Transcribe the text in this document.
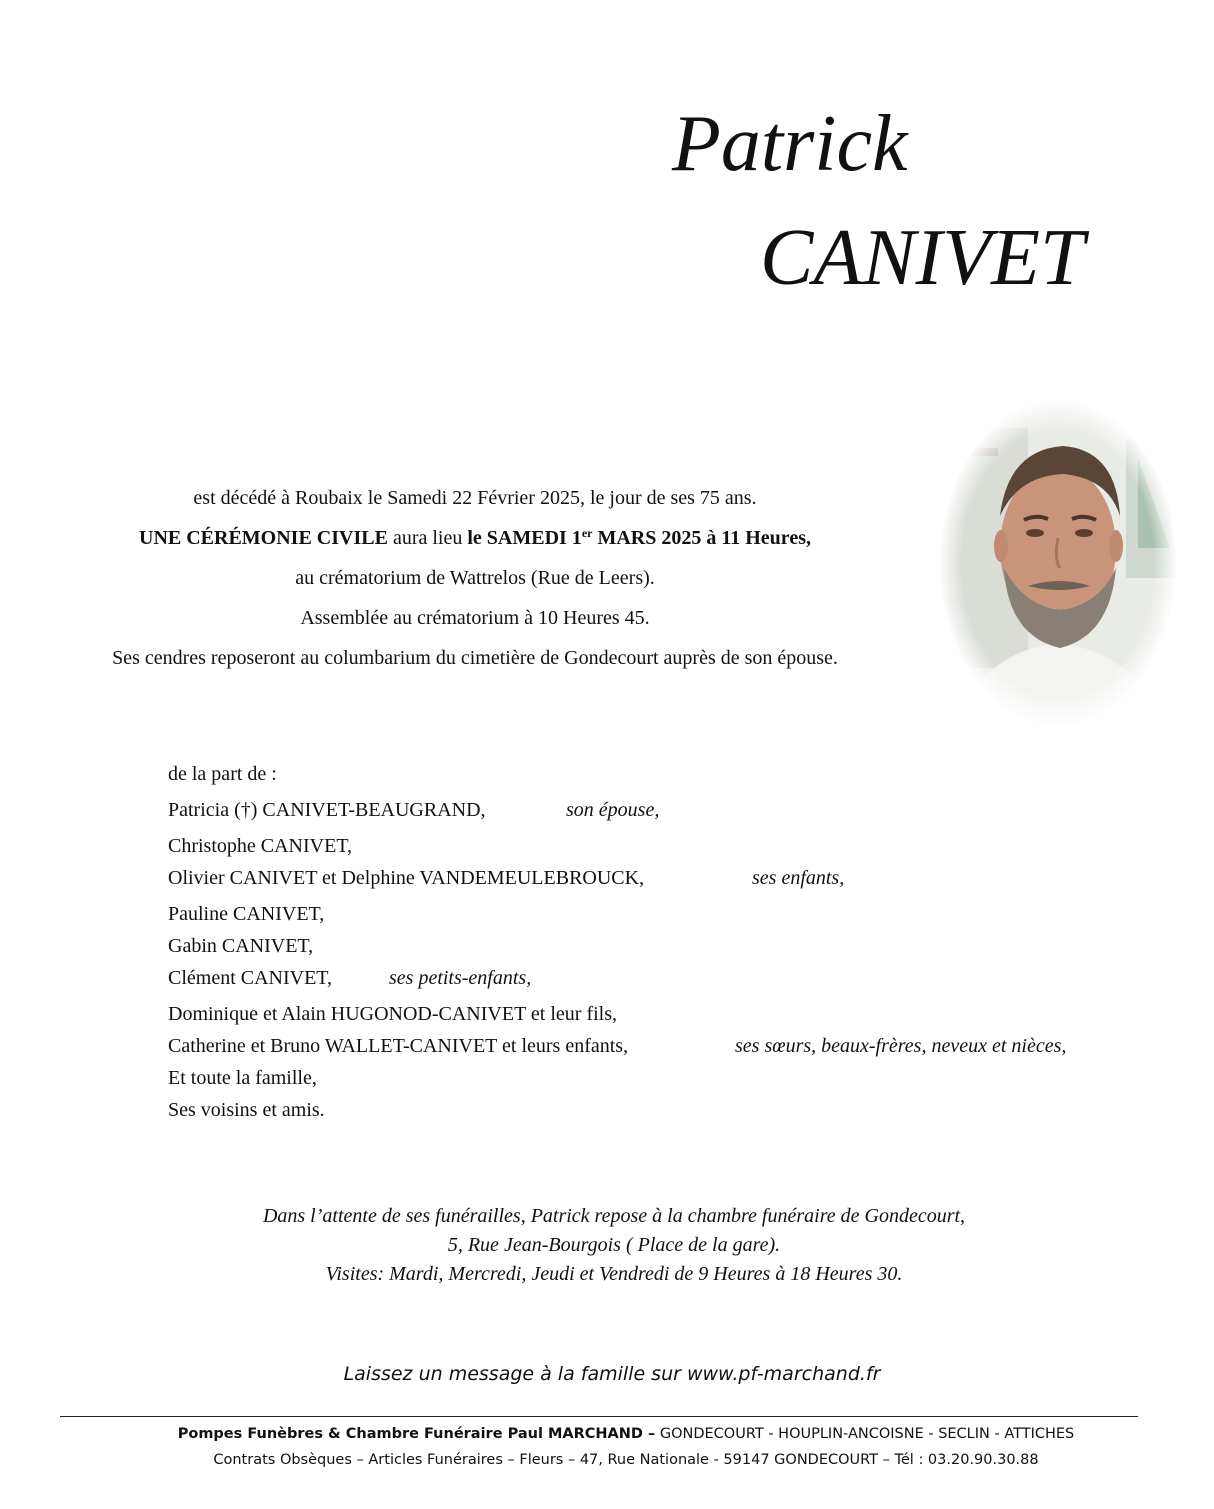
Patrick
CANIVET

est décédé à Roubaix le Samedi 22 Février 2025, le jour de ses 75 ans.

UNE CÉRÉMONIE CIVILE aura lieu le SAMEDI 1er MARS 2025 à 11 Heures,

au crématorium de Wattrelos (Rue de Leers).

Assemblée au crématorium à 10 Heures 45.

Ses cendres reposeront au columbarium du cimetière de Gondecourt auprès de son épouse.

de la part de :
Patricia (†) CANIVET-BEAUGRAND,	son épouse,
Christophe CANIVET,
Olivier CANIVET et Delphine VANDEMEULEBROUCK,	ses enfants,
Pauline CANIVET,
Gabin CANIVET,
Clément CANIVET,	ses petits-enfants,
Dominique et Alain HUGONOD-CANIVET et leur fils,
Catherine et Bruno WALLET-CANIVET et leurs enfants,	ses sœurs, beaux-frères, neveux et nièces,
Et toute la famille,
Ses voisins et amis.

Dans l’attente de ses funérailles, Patrick repose à la chambre funéraire de Gondecourt,

5, Rue Jean-Bourgois ( Place de la gare).

Visites: Mardi, Mercredi, Jeudi et Vendredi de 9 Heures à 18 Heures 30.

Laissez un message à la famille sur www.pf-marchand.fr
Pompes Funèbres & Chambre Funéraire Paul MARCHAND – GONDECOURT - HOUPLIN-ANCOISNE - SECLIN - ATTICHES
Contrats Obsèques – Articles Funéraires – Fleurs – 47, Rue Nationale - 59147 GONDECOURT – Tél : 03.20.90.30.88
